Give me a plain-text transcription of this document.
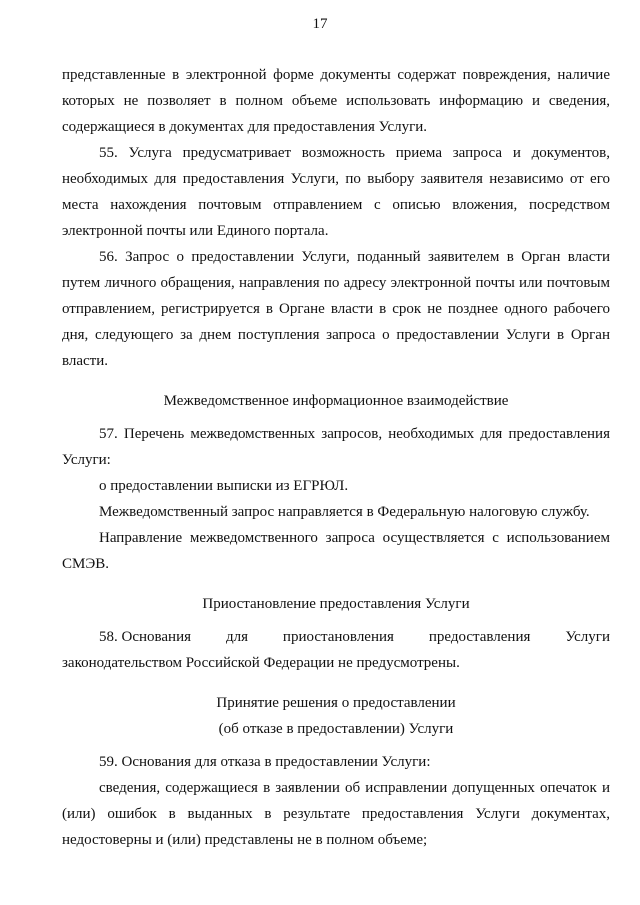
17

представленные в электронной форме документы содержат повреждения, наличие которых не позволяет в полном объеме использовать информацию и сведения, содержащиеся в документах для предоставления Услуги.

55. Услуга предусматривает возможность приема запроса и документов, необходимых для предоставления Услуги, по выбору заявителя независимо от его места нахождения почтовым отправлением с описью вложения, посредством электронной почты или Единого портала.

56. Запрос о предоставлении Услуги, поданный заявителем в Орган власти путем личного обращения, направления по адресу электронной почты или почтовым отправлением, регистрируется в Органе власти в срок не позднее одного рабочего дня, следующего за днем поступления запроса о предоставлении Услуги в Орган власти.

Межведомственное информационное взаимодействие

57. Перечень межведомственных запросов, необходимых для предоставления Услуги:

о предоставлении выписки из ЕГРЮЛ.

Межведомственный запрос направляется в Федеральную налоговую службу.

Направление межведомственного запроса осуществляется с использованием СМЭВ.

Приостановление предоставления Услуги

58. Основания для приостановления предоставления Услуги

законодательством Российской Федерации не предусмотрены.

Принятие решения о предоставлении
(об отказе в предоставлении) Услуги

59. Основания для отказа в предоставлении Услуги:

сведения, содержащиеся в заявлении об исправлении допущенных опечаток и (или) ошибок в выданных в результате предоставления Услуги документах, недостоверны и (или) представлены не в полном объеме;
